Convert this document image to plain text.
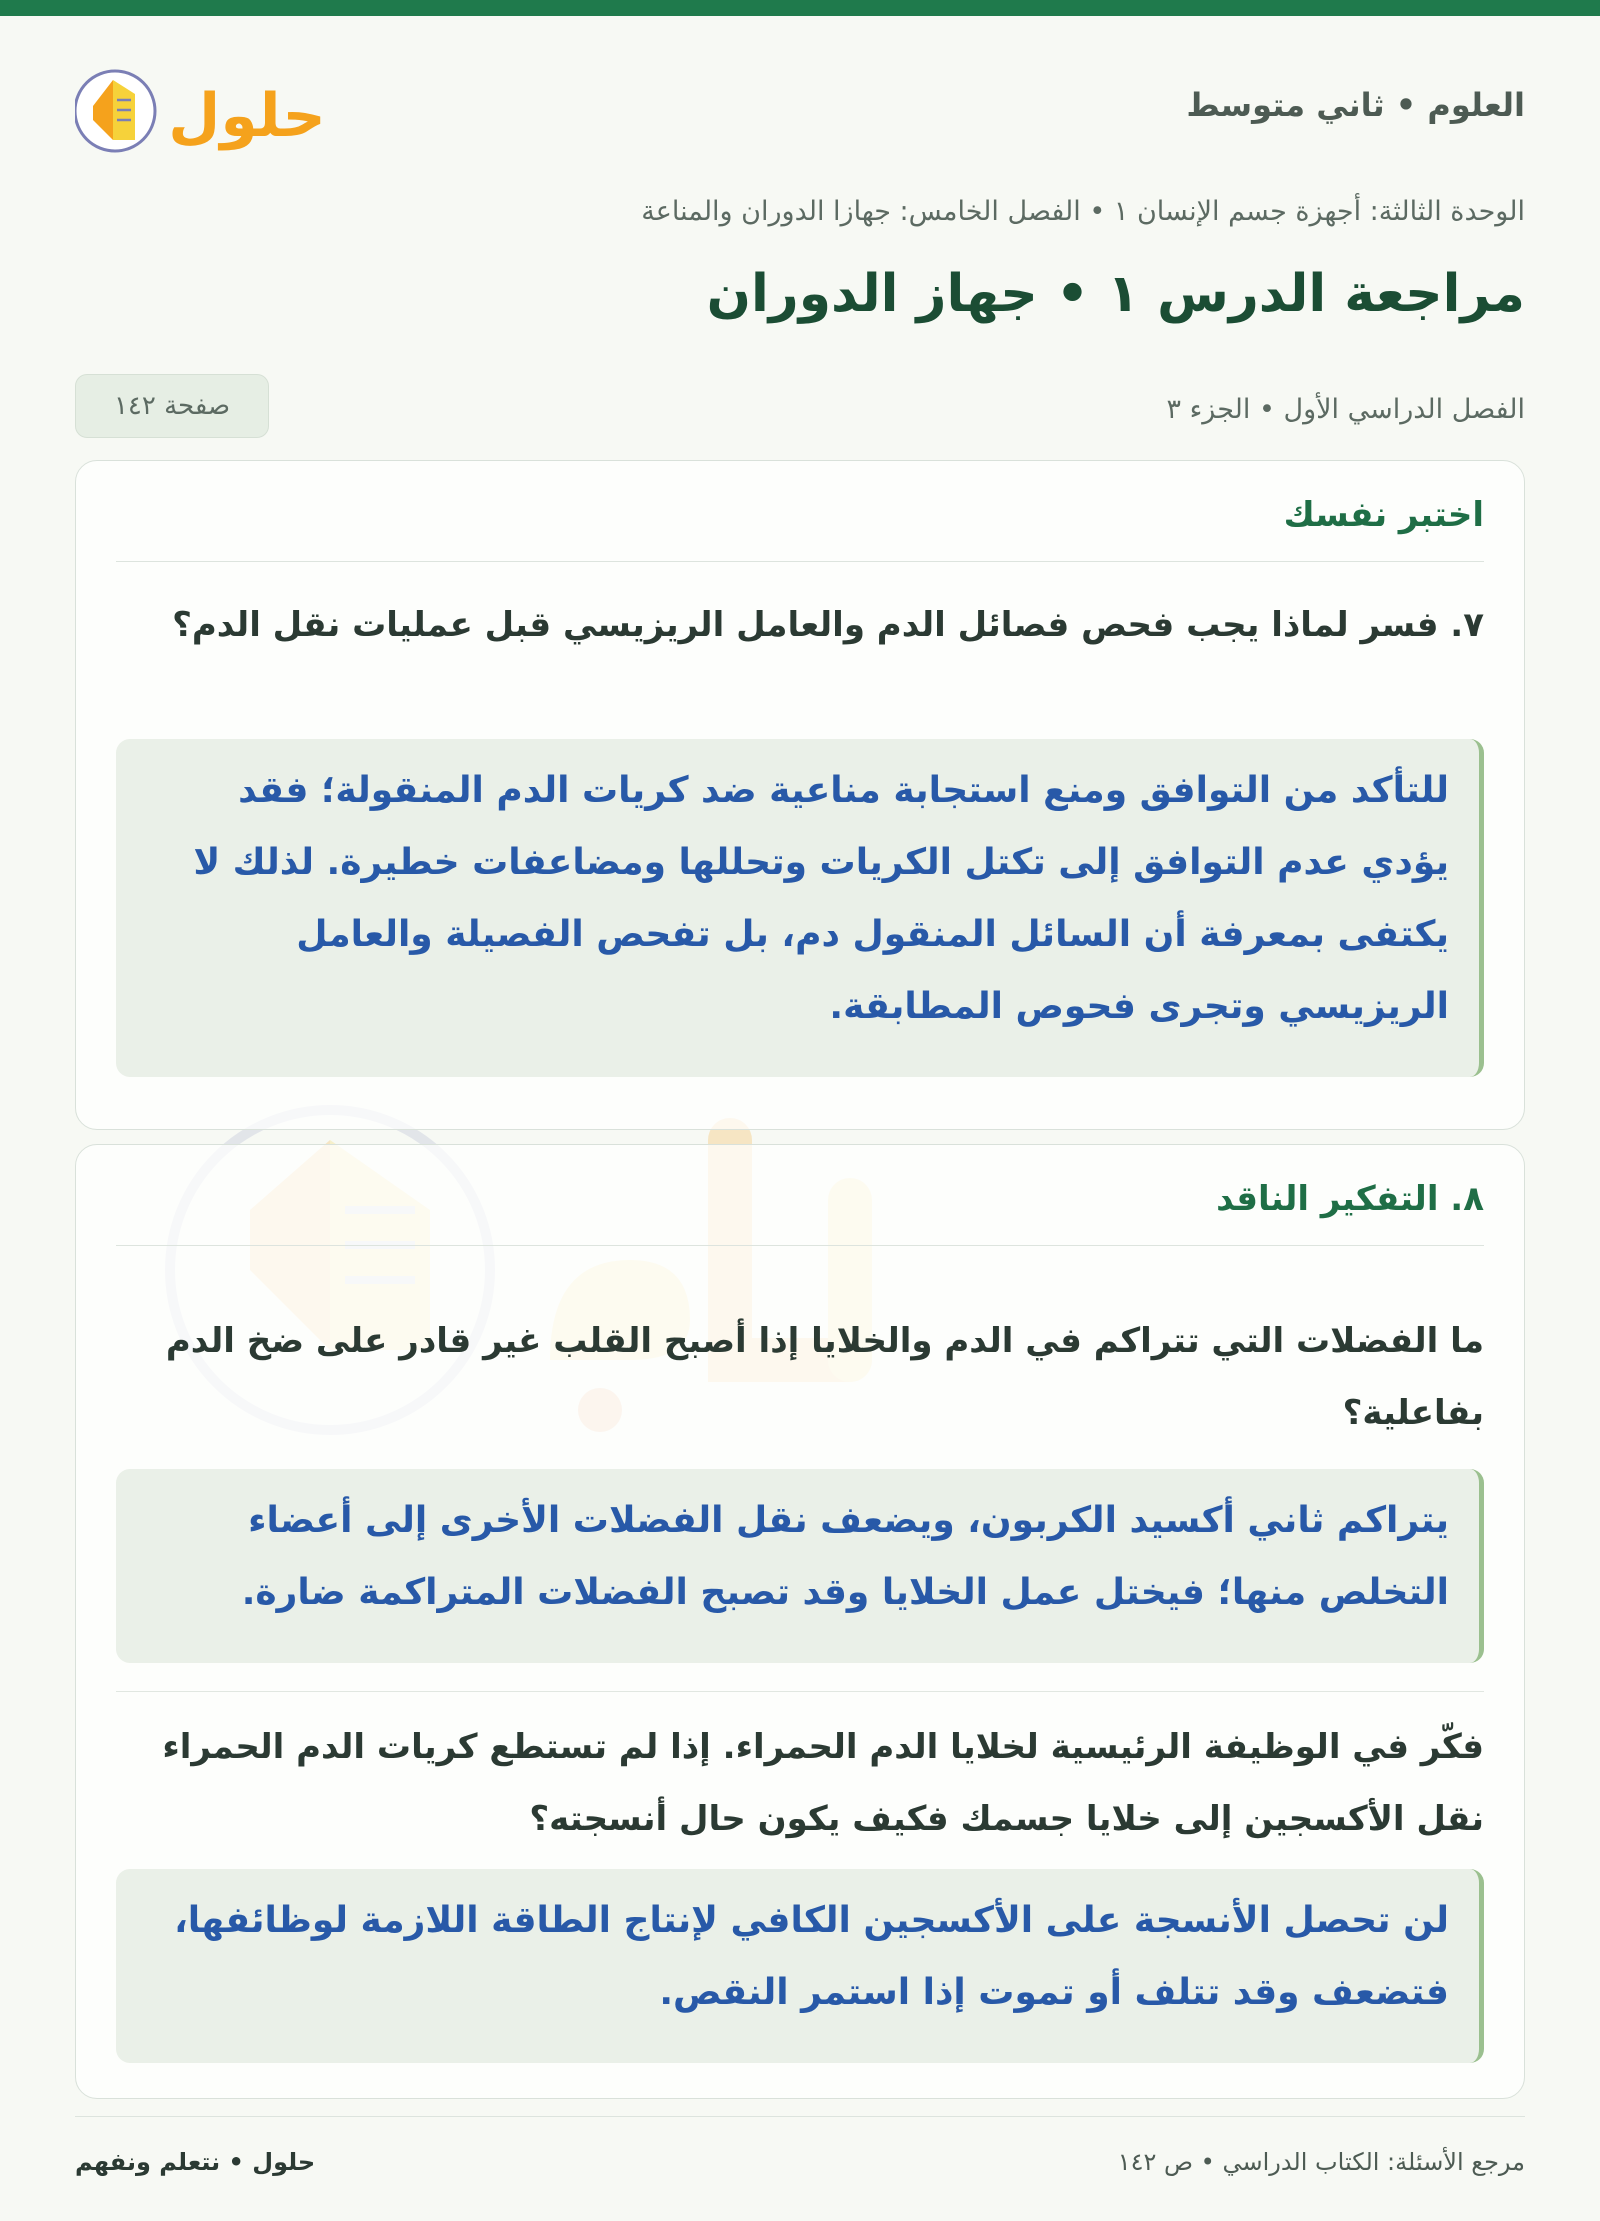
العلوم • ثاني متوسط
حلول
الوحدة الثالثة: أجهزة جسم الإنسان ١ • الفصل الخامس: جهازا الدوران والمناعة
مراجعة الدرس ١ • جهاز الدوران
الفصل الدراسي الأول • الجزء ٣
صفحة ١٤٢
اختبر نفسك
٧. فسر لماذا يجب فحص فصائل الدم والعامل الريزيسي قبل عمليات نقل الدم؟
للتأكد من التوافق ومنع استجابة مناعية ضد كريات الدم المنقولة؛ فقد يؤدي عدم التوافق إلى تكتل الكريات وتحللها ومضاعفات خطيرة. لذلك لا يكتفى بمعرفة أن السائل المنقول دم، بل تفحص الفصيلة والعامل الريزيسي وتجرى فحوص المطابقة.
٨. التفكير الناقد
ما الفضلات التي تتراكم في الدم والخلايا إذا أصبح القلب غير قادر على ضخ الدم بفاعلية؟
يتراكم ثاني أكسيد الكربون، ويضعف نقل الفضلات الأخرى إلى أعضاء التخلص منها؛ فيختل عمل الخلايا وقد تصبح الفضلات المتراكمة ضارة.
فكّر في الوظيفة الرئيسية لخلايا الدم الحمراء. إذا لم تستطع كريات الدم الحمراء نقل الأكسجين إلى خلايا جسمك فكيف يكون حال أنسجته؟
لن تحصل الأنسجة على الأكسجين الكافي لإنتاج الطاقة اللازمة لوظائفها، فتضعف وقد تتلف أو تموت إذا استمر النقص.
مرجع الأسئلة: الكتاب الدراسي • ص ١٤٢
حلول • نتعلم ونفهم
